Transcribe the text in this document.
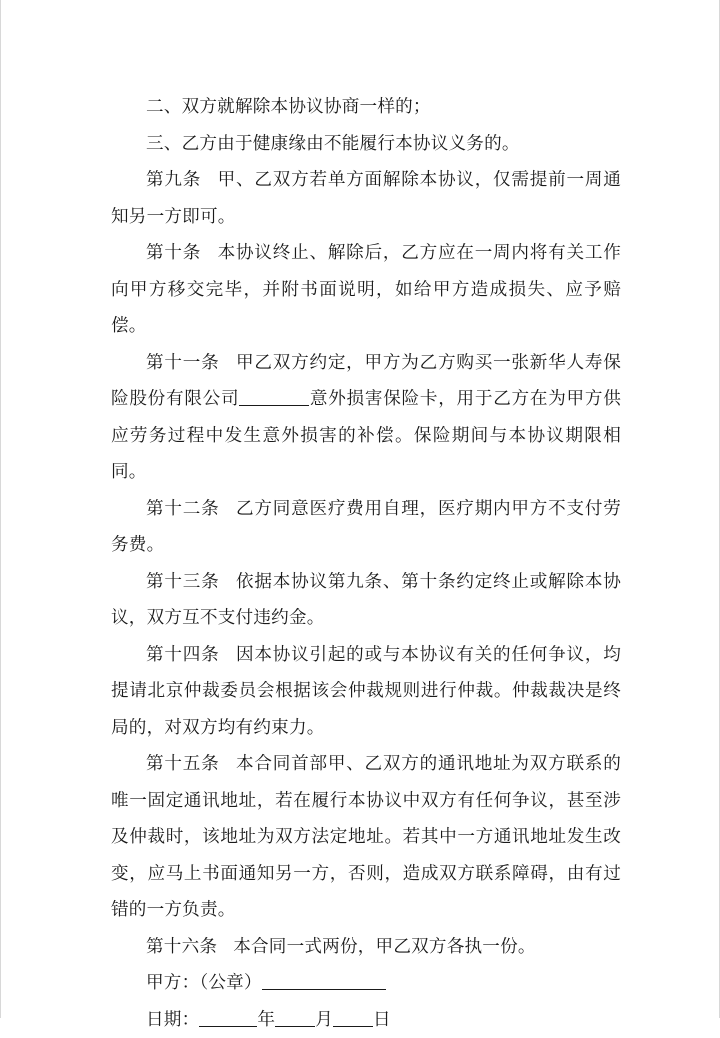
二、双方就解除本协议协商一样的；

三、乙方由于健康缘由不能履行本协议义务的。

第九条 甲、乙双方若单方面解除本协议，仅需提前一周通知另一方即可。

第十条 本协议终止、解除后，乙方应在一周内将有关工作向甲方移交完毕，并附书面说明，如给甲方造成损失、应予赔偿。

第十一条 甲乙双方约定，甲方为乙方购买一张新华人寿保险股份有限公司	意外损害保险卡，用于乙方在为甲方供应劳务过程中发生意外损害的补偿。保险期间与本协议期限相同。

第十二条 乙方同意医疗费用自理，医疗期内甲方不支付劳务费。

第十三条 依据本协议第九条、第十条约定终止或解除本协议，双方互不支付违约金。

第十四条 因本协议引起的或与本协议有关的任何争议，均提请北京仲裁委员会根据该会仲裁规则进行仲裁。仲裁裁决是终局的，对双方均有约束力。

第十五条 本合同首部甲、乙双方的通讯地址为双方联系的唯一固定通讯地址，若在履行本协议中双方有任何争议，甚至涉及仲裁时，该地址为双方法定地址。若其中一方通讯地址发生改变，应马上书面通知另一方，否则，造成双方联系障碍，由有过错的一方负责。

第十六条 本合同一式两份，甲乙双方各执一份。

甲方：（公章）

日期：	年 月 日
